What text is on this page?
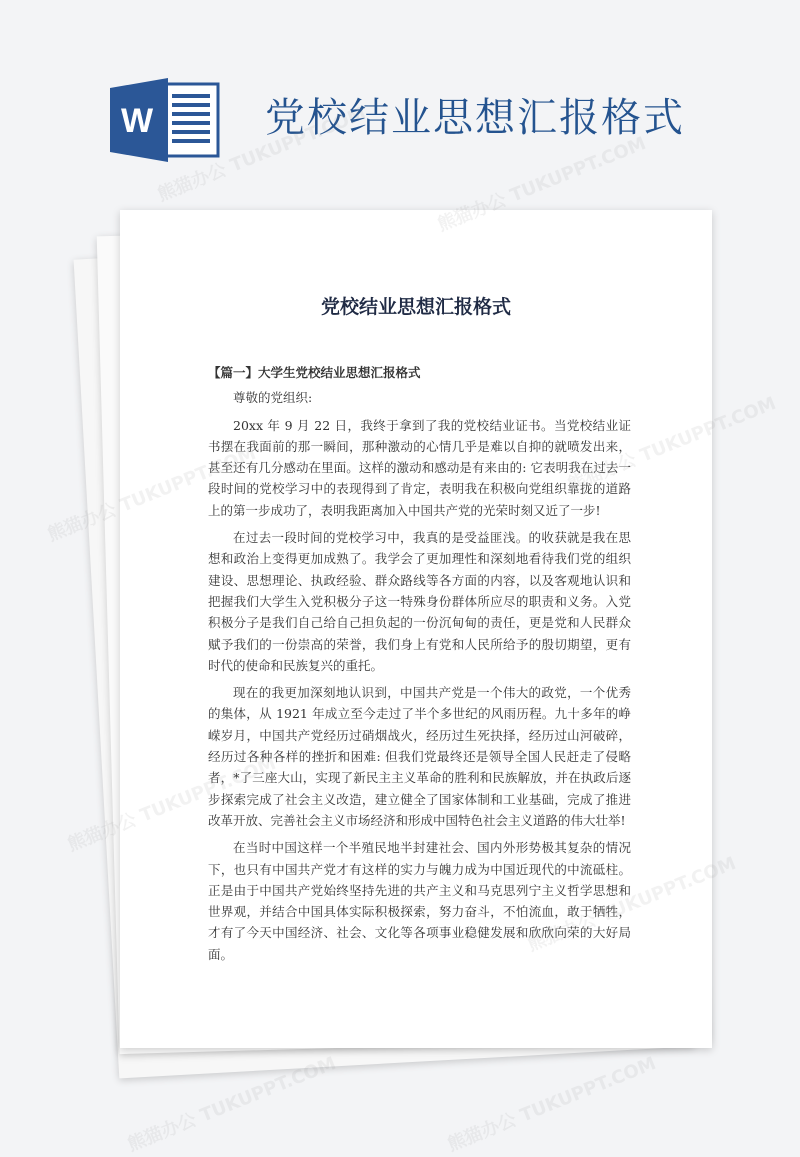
W	党校结业思想汇报格式
党校结业思想汇报格式
【篇一】大学生党校结业思想汇报格式

尊敬的党组织:

20xx 年 9 月 22 日，我终于拿到了我的党校结业证书。当党校结业证书摆在我面前的那一瞬间，那种激动的心情几乎是难以自抑的就喷发出来，甚至还有几分感动在里面。这样的激动和感动是有来由的: 它表明我在过去一段时间的党校学习中的表现得到了肯定，表明我在积极向党组织靠拢的道路上的第一步成功了，表明我距离加入中国共产党的光荣时刻又近了一步!

在过去一段时间的党校学习中，我真的是受益匪浅。的收获就是我在思想和政治上变得更加成熟了。我学会了更加理性和深刻地看待我们党的组织建设、思想理论、执政经验、群众路线等各方面的内容，以及客观地认识和把握我们大学生入党积极分子这一特殊身份群体所应尽的职责和义务。入党积极分子是我们自己给自己担负起的一份沉甸甸的责任，更是党和人民群众赋予我们的一份崇高的荣誉，我们身上有党和人民所给予的殷切期望，更有时代的使命和民族复兴的重托。

现在的我更加深刻地认识到，中国共产党是一个伟大的政党，一个优秀的集体，从 1921 年成立至今走过了半个多世纪的风雨历程。九十多年的峥嵘岁月，中国共产党经历过硝烟战火，经历过生死抉择，经历过山河破碎，经历过各种各样的挫折和困难: 但我们党最终还是领导全国人民赶走了侵略者，*了三座大山，实现了新民主主义革命的胜利和民族解放，并在执政后逐步探索完成了社会主义改造，建立健全了国家体制和工业基础，完成了推进改革开放、完善社会主义市场经济和形成中国特色社会主义道路的伟大壮举!

在当时中国这样一个半殖民地半封建社会、国内外形势极其复杂的情况下，也只有中国共产党才有这样的实力与魄力成为中国近现代的中流砥柱。正是由于中国共产党始终坚持先进的共产主义和马克思列宁主义哲学思想和世界观，并结合中国具体实际积极探索，努力奋斗，不怕流血，敢于牺牲，才有了今天中国经济、社会、文化等各项事业稳健发展和欣欣向荣的大好局面。

熊猫办公 TUKUPPT.COM
熊猫办公 TUKUPPT.COM
熊猫办公
熊猫办公
熊猫办公 TUKUPPT.COM	熊猫办公 TUKUPPT.COM
